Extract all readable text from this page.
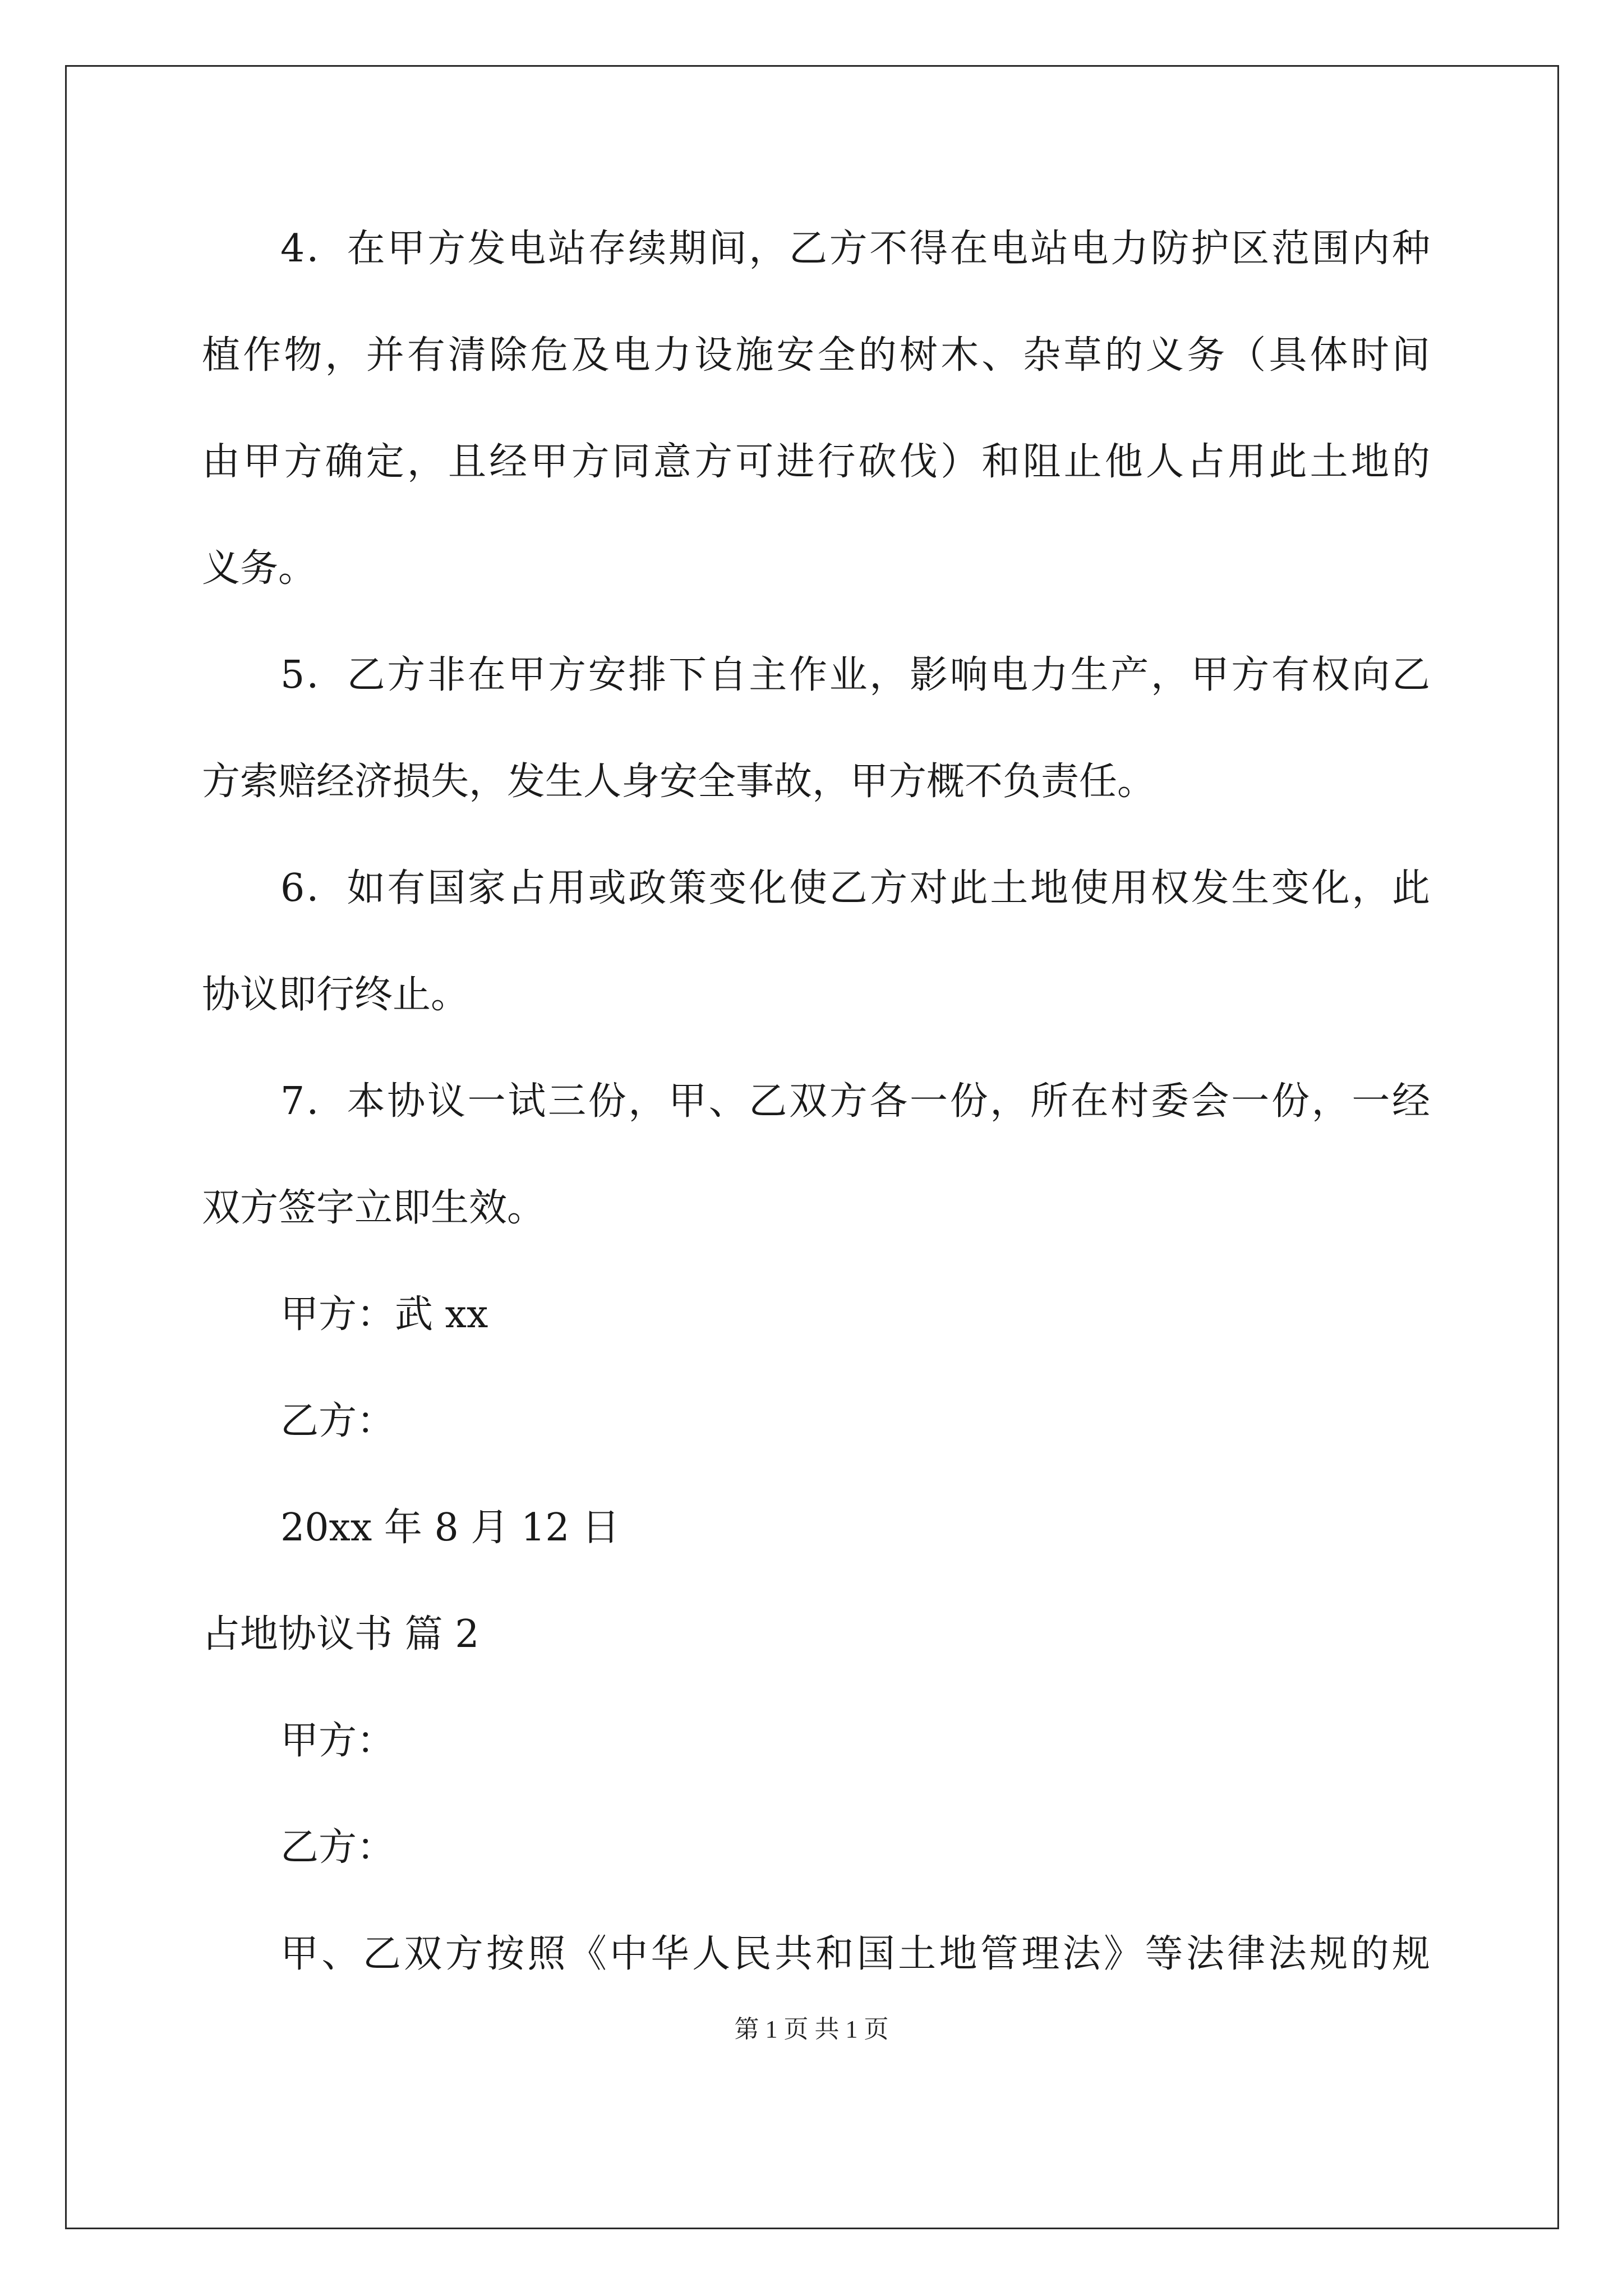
4．在甲方发电站存续期间，乙方不得在电站电力防护区范围内种
植作物，并有清除危及电力设施安全的树木、杂草的义务（具体时间
由甲方确定，且经甲方同意方可进行砍伐）和阻止他人占用此土地的
义务。
5．乙方非在甲方安排下自主作业，影响电力生产，甲方有权向乙
方索赔经济损失，发生人身安全事故，甲方概不负责任。
6．如有国家占用或政策变化使乙方对此土地使用权发生变化，此
协议即行终止。
7．本协议一试三份，甲、乙双方各一份，所在村委会一份，一经
双方签字立即生效。
甲方：武 xx
乙方：
20xx 年 8 月 12 日
占地协议书 篇 2
甲方：
乙方：
甲、乙双方按照《中华人民共和国土地管理法》等法律法规的规
第 1 页 共 1 页
